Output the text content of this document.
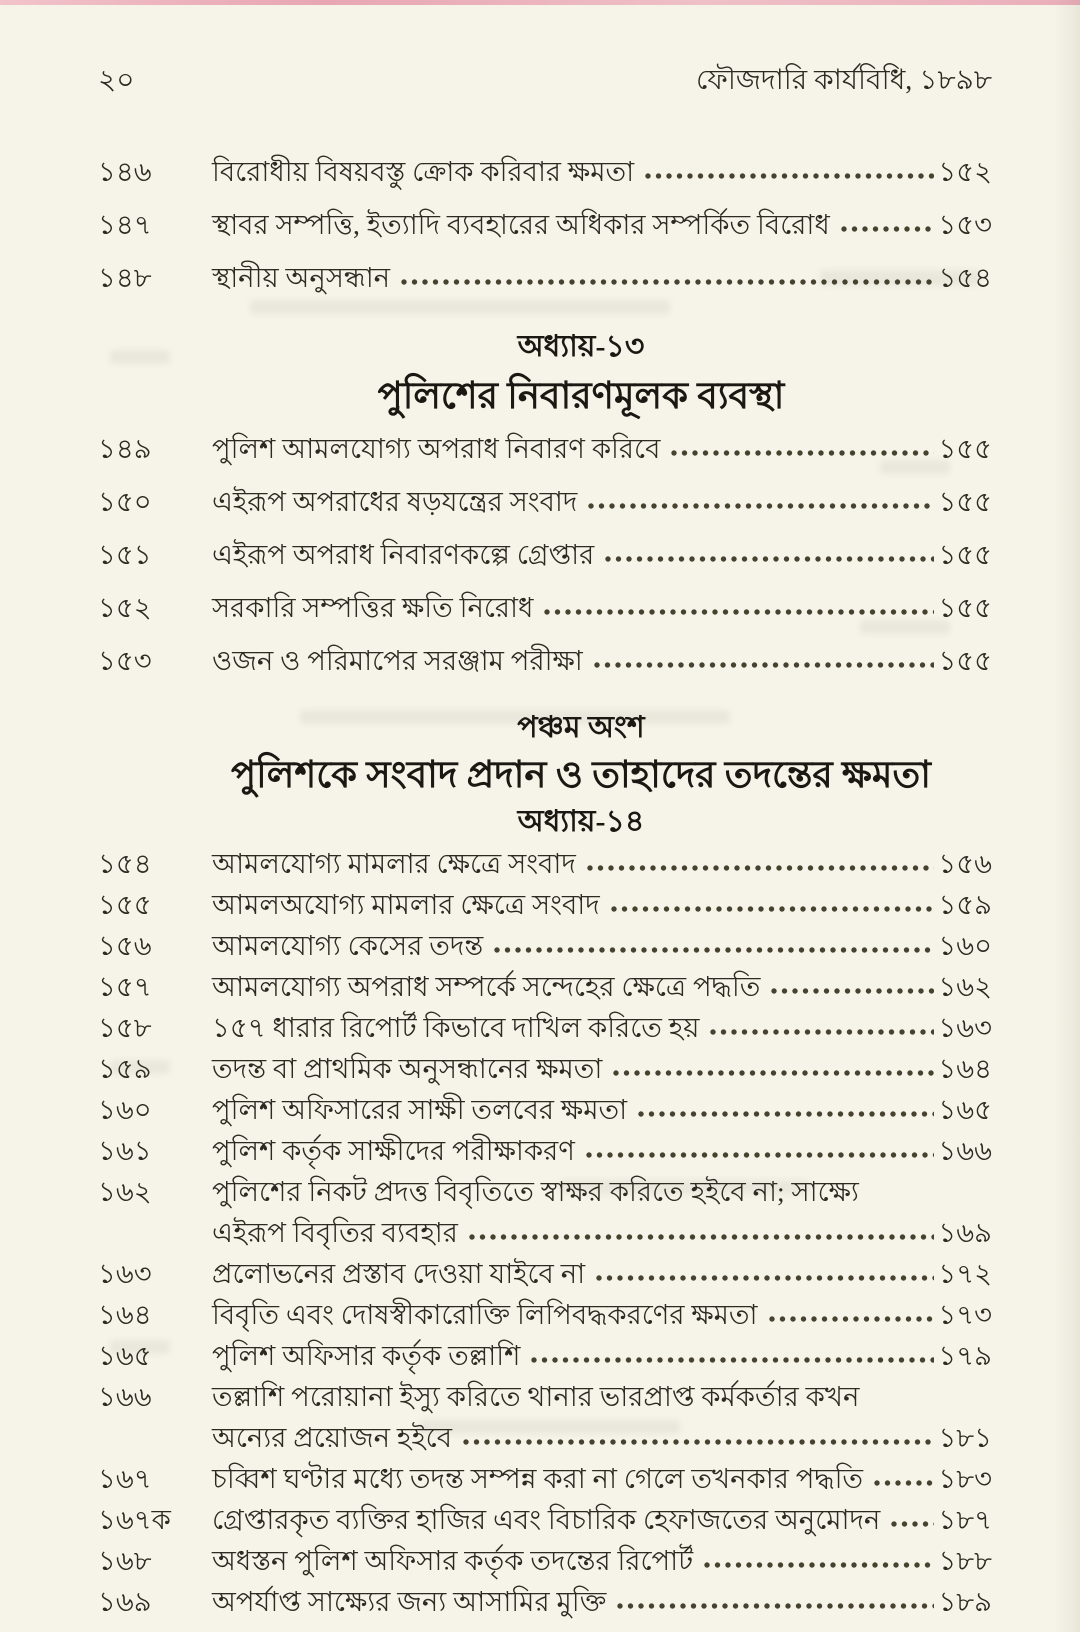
২০	ফৌজদারি কার্যবিধি, ১৮৯৮
১৪৬	বিরোধীয় বিষয়বস্তু ক্রোক করিবার ক্ষমতা	১৫২
১৪৭	স্থাবর সম্পত্তি, ইত্যাদি ব্যবহারের অধিকার সম্পর্কিত বিরোধ	১৫৩
১৪৮	স্থানীয় অনুসন্ধান	১৫৪
অধ্যায়-১৩
পুলিশের নিবারণমূলক ব্যবস্থা
১৪৯	পুলিশ আমলযোগ্য অপরাধ নিবারণ করিবে	১৫৫
১৫০	এইরূপ অপরাধের ষড়যন্ত্রের সংবাদ	১৫৫
১৫১	এইরূপ অপরাধ নিবারণকল্পে গ্রেপ্তার	১৫৫
১৫২	সরকারি সম্পত্তির ক্ষতি নিরোধ	১৫৫
১৫৩	ওজন ও পরিমাপের সরঞ্জাম পরীক্ষা	১৫৫
পঞ্চম অংশ
পুলিশকে সংবাদ প্রদান ও তাহাদের তদন্তের ক্ষমতা
অধ্যায়-১৪
১৫৪	আমলযোগ্য মামলার ক্ষেত্রে সংবাদ	১৫৬
১৫৫	আমলঅযোগ্য মামলার ক্ষেত্রে সংবাদ	১৫৯
১৫৬	আমলযোগ্য কেসের তদন্ত	১৬০
১৫৭	আমলযোগ্য অপরাধ সম্পর্কে সন্দেহের ক্ষেত্রে পদ্ধতি	১৬২
১৫৮	১৫৭ ধারার রিপোর্ট কিভাবে দাখিল করিতে হয়	১৬৩
১৫৯	তদন্ত বা প্রাথমিক অনুসন্ধানের ক্ষমতা	১৬৪
১৬০	পুলিশ অফিসারের সাক্ষী তলবের ক্ষমতা	১৬৫
১৬১	পুলিশ কর্তৃক সাক্ষীদের পরীক্ষাকরণ	১৬৬
১৬২	পুলিশের নিকট প্রদত্ত বিবৃতিতে স্বাক্ষর করিতে হইবে না; সাক্ষ্যে
এইরূপ বিবৃতির ব্যবহার	১৬৯
১৬৩	প্রলোভনের প্রস্তাব দেওয়া যাইবে না	১৭২
১৬৪	বিবৃতি এবং দোষস্বীকারোক্তি লিপিবদ্ধকরণের ক্ষমতা	১৭৩
১৬৫	পুলিশ অফিসার কর্তৃক তল্লাশি	১৭৯
১৬৬	তল্লাশি পরোয়ানা ইস্যু করিতে থানার ভারপ্রাপ্ত কর্মকর্তার কখন
অন্যের প্রয়োজন হইবে	১৮১
১৬৭	চব্বিশ ঘণ্টার মধ্যে তদন্ত সম্পন্ন করা না গেলে তখনকার পদ্ধতি	১৮৩
১৬৭ক	গ্রেপ্তারকৃত ব্যক্তির হাজির এবং বিচারিক হেফাজতের অনুমোদন ১৮৭
১৬৮	অধস্তন পুলিশ অফিসার কর্তৃক তদন্তের রিপোর্ট	১৮৮
১৬৯	অপর্যাপ্ত সাক্ষ্যের জন্য আসামির মুক্তি	১৮৯
